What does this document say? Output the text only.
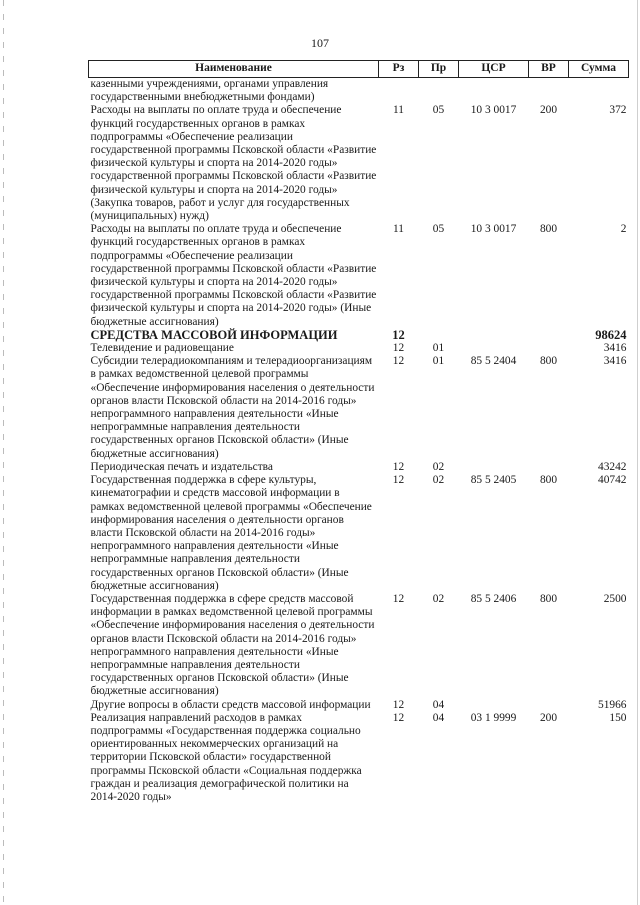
107
Наименование	Рз	Пр	ЦСР	ВР	Сумма
казенными учреждениями, органами управления государственными внебюджетными фондами)					
Расходы на выплаты по оплате труда и обеспечение функций государственных органов в рамках подпрограммы «Обеспечение реализации государственной программы Псковской области «Развитие физической культуры и спорта на 2014-2020 годы» государственной программы Псковской области «Развитие физической культуры и спорта на 2014-2020 годы» (Закупка товаров, работ и услуг для государственных (муниципальных) нужд)	11	05	10 3 0017	200	372
Расходы на выплаты по оплате труда и обеспечение функций государственных органов в рамках подпрограммы «Обеспечение реализации государственной программы Псковской области «Развитие физической культуры и спорта на 2014-2020 годы» государственной программы Псковской области «Развитие физической культуры и спорта на 2014-2020 годы» (Иные бюджетные ассигнования)	11	05	10 3 0017	800	2
СРЕДСТВА МАССОВОЙ ИНФОРМАЦИИ	12				98624
Телевидение и радиовещание	12	01			3416
Субсидии телерадиокомпаниям и телерадиоорганизациям в рамках ведомственной целевой программы «Обеспечение информирования населения о деятельности органов власти Псковской области на 2014-2016 годы» непрограммного направления деятельности «Иные непрограммные направления деятельности государственных органов Псковской области» (Иные бюджетные ассигнования)	12	01	85 5 2404	800	3416
Периодическая печать и издательства	12	02			43242
Государственная поддержка в сфере культуры, кинематографии и средств массовой информации в рамках ведомственной целевой программы «Обеспечение информирования населения о деятельности органов власти Псковской области на 2014-2016 годы» непрограммного направления деятельности «Иные непрограммные направления деятельности государственных органов Псковской области» (Иные бюджетные ассигнования)	12	02	85 5 2405	800	40742
Государственная поддержка в сфере средств массовой информации в рамках ведомственной целевой программы «Обеспечение информирования населения о деятельности органов власти Псковской области на 2014-2016 годы» непрограммного направления деятельности «Иные непрограммные направления деятельности государственных органов Псковской области» (Иные бюджетные ассигнования)	12	02	85 5 2406	800	2500
Другие вопросы в области средств массовой информации	12	04			51966
Реализация направлений расходов в рамках подпрограммы «Государственная поддержка социально ориентированных некоммерческих организаций на территории Псковской области» государственной программы Псковской области «Социальная поддержка граждан и реализация демографической политики на 2014-2020 годы»	12	04	03 1 9999	200	150
